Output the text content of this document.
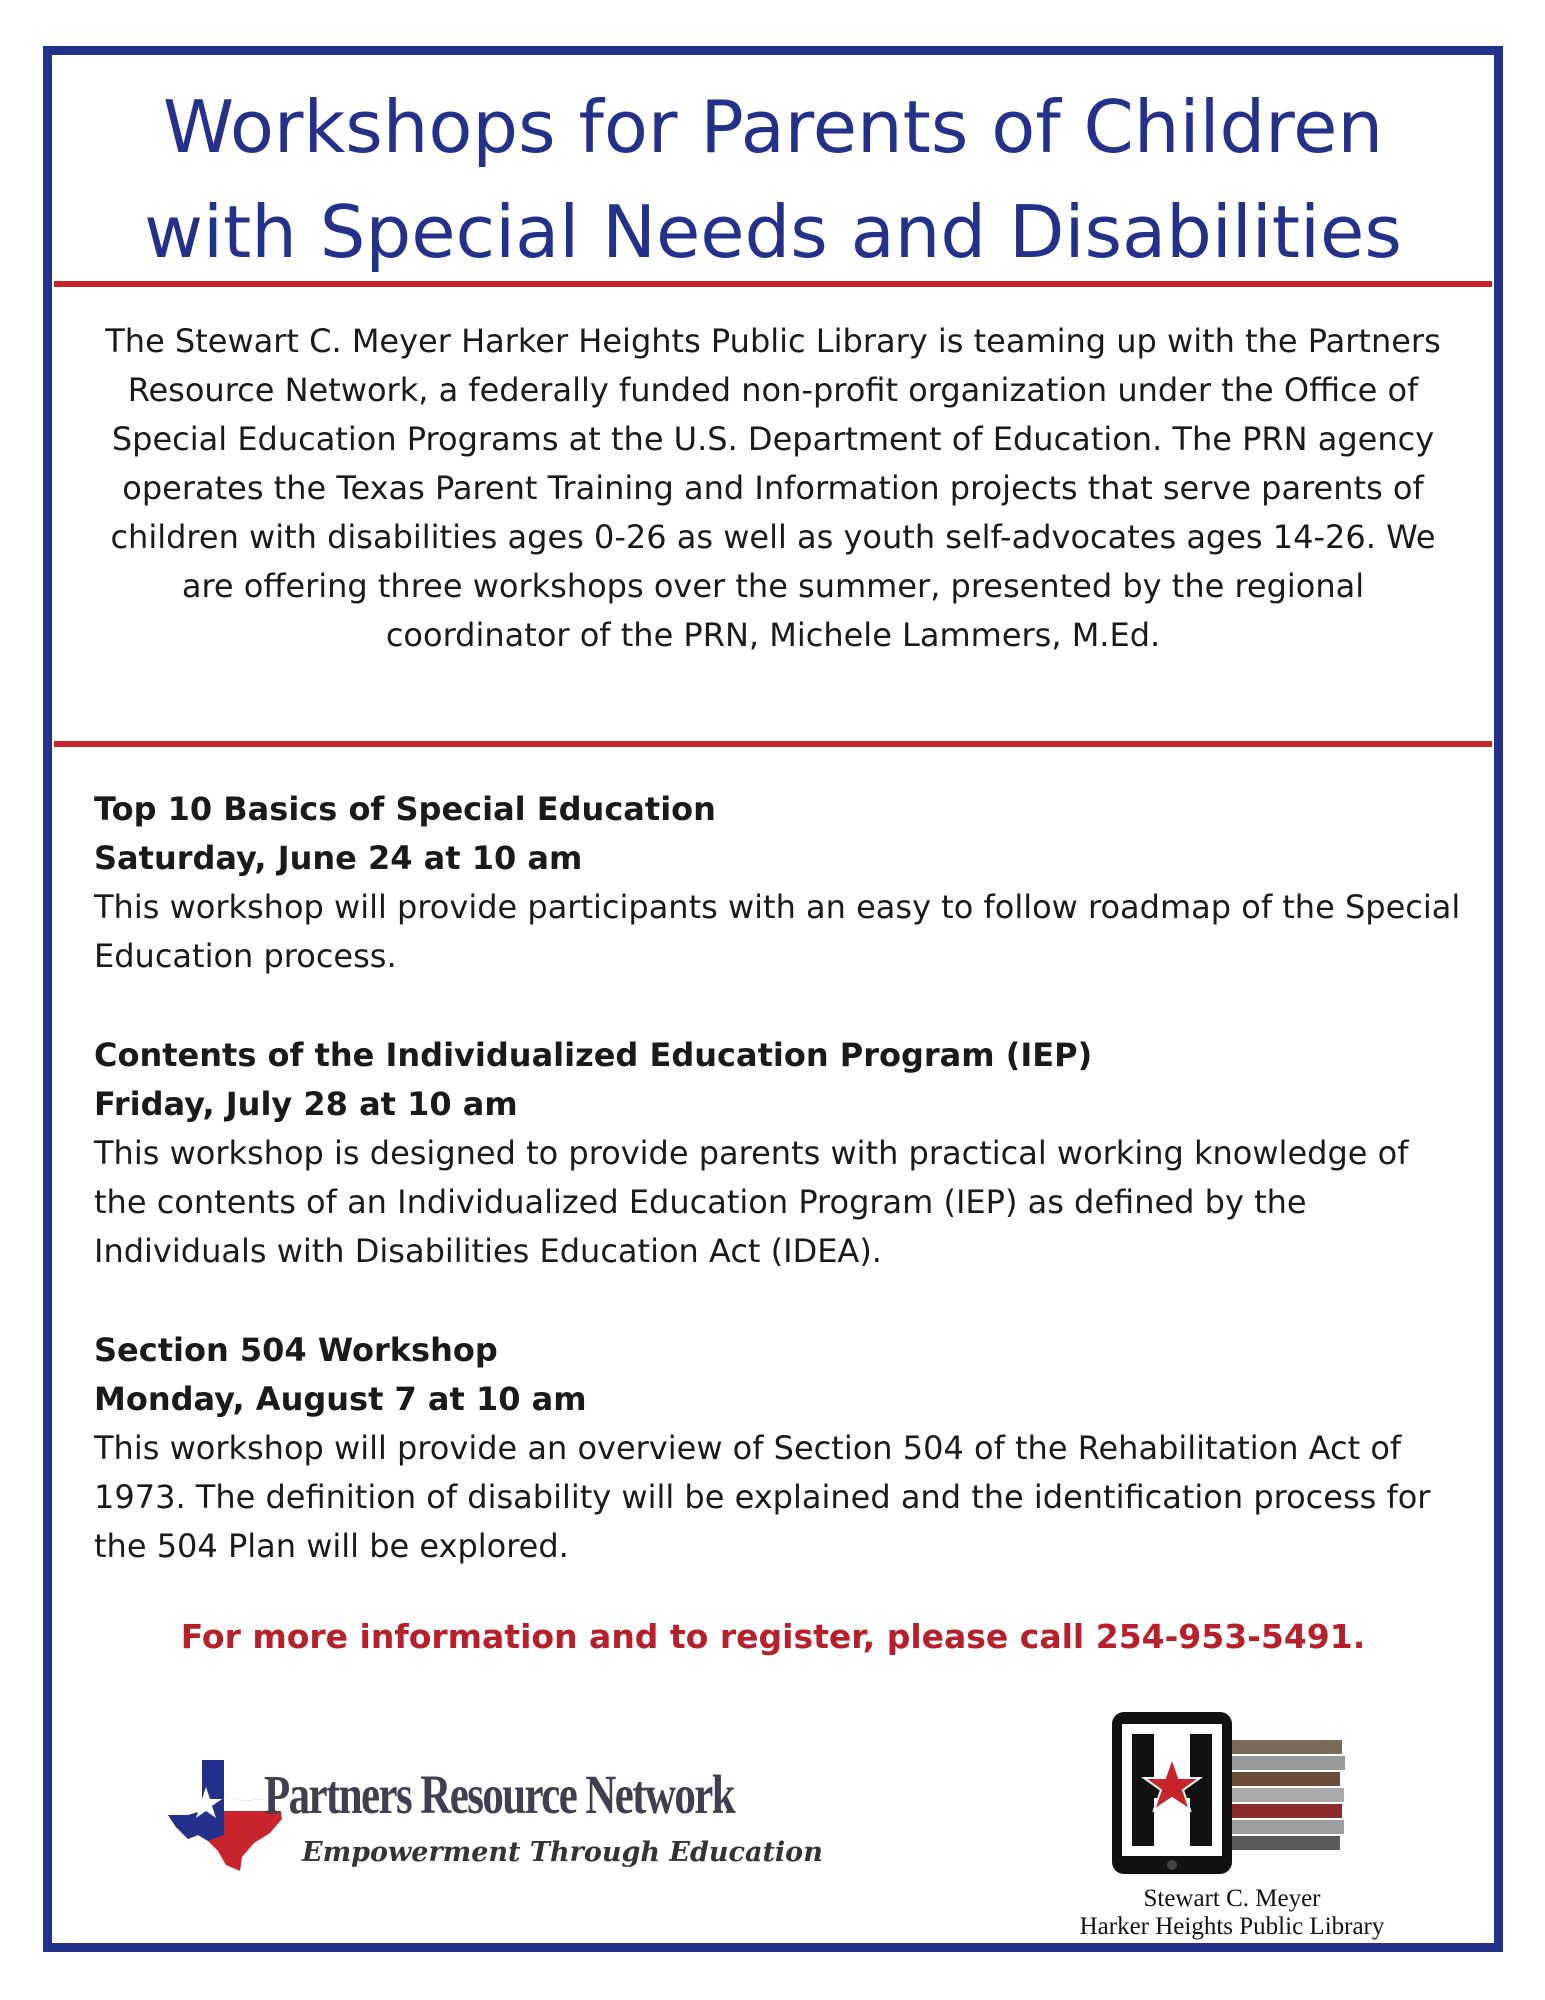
Workshops for Parents of Children
with Special Needs and Disabilities

The Stewart C. Meyer Harker Heights Public Library is teaming up with the Partners Resource Network, a federally funded non-profit organization under the Office of Special Education Programs at the U.S. Department of Education. The PRN agency operates the Texas Parent Training and Information projects that serve parents of children with disabilities ages 0-26 as well as youth self-advocates ages 14-26. We are offering three workshops over the summer, presented by the regional coordinator of the PRN, Michele Lammers, M.Ed.

Top 10 Basics of Special Education

Saturday, June 24 at 10 am

This workshop will provide participants with an easy to follow roadmap of the Special Education process.

Contents of the Individualized Education Program (IEP)

Friday, July 28 at 10 am

This workshop is designed to provide parents with practical working knowledge of the contents of an Individualized Education Program (IEP) as defined by the Individuals with Disabilities Education Act (IDEA).

Section 504 Workshop

Monday, August 7 at 10 am

This workshop will provide an overview of Section 504 of the Rehabilitation Act of 1973. The definition of disability will be explained and the identification process for the 504 Plan will be explored.

For more information and to register, please call 254-953-5491.

Partners Resource Network
Empowerment Through Education
Stewart C. Meyer
Harker Heights Public Library
